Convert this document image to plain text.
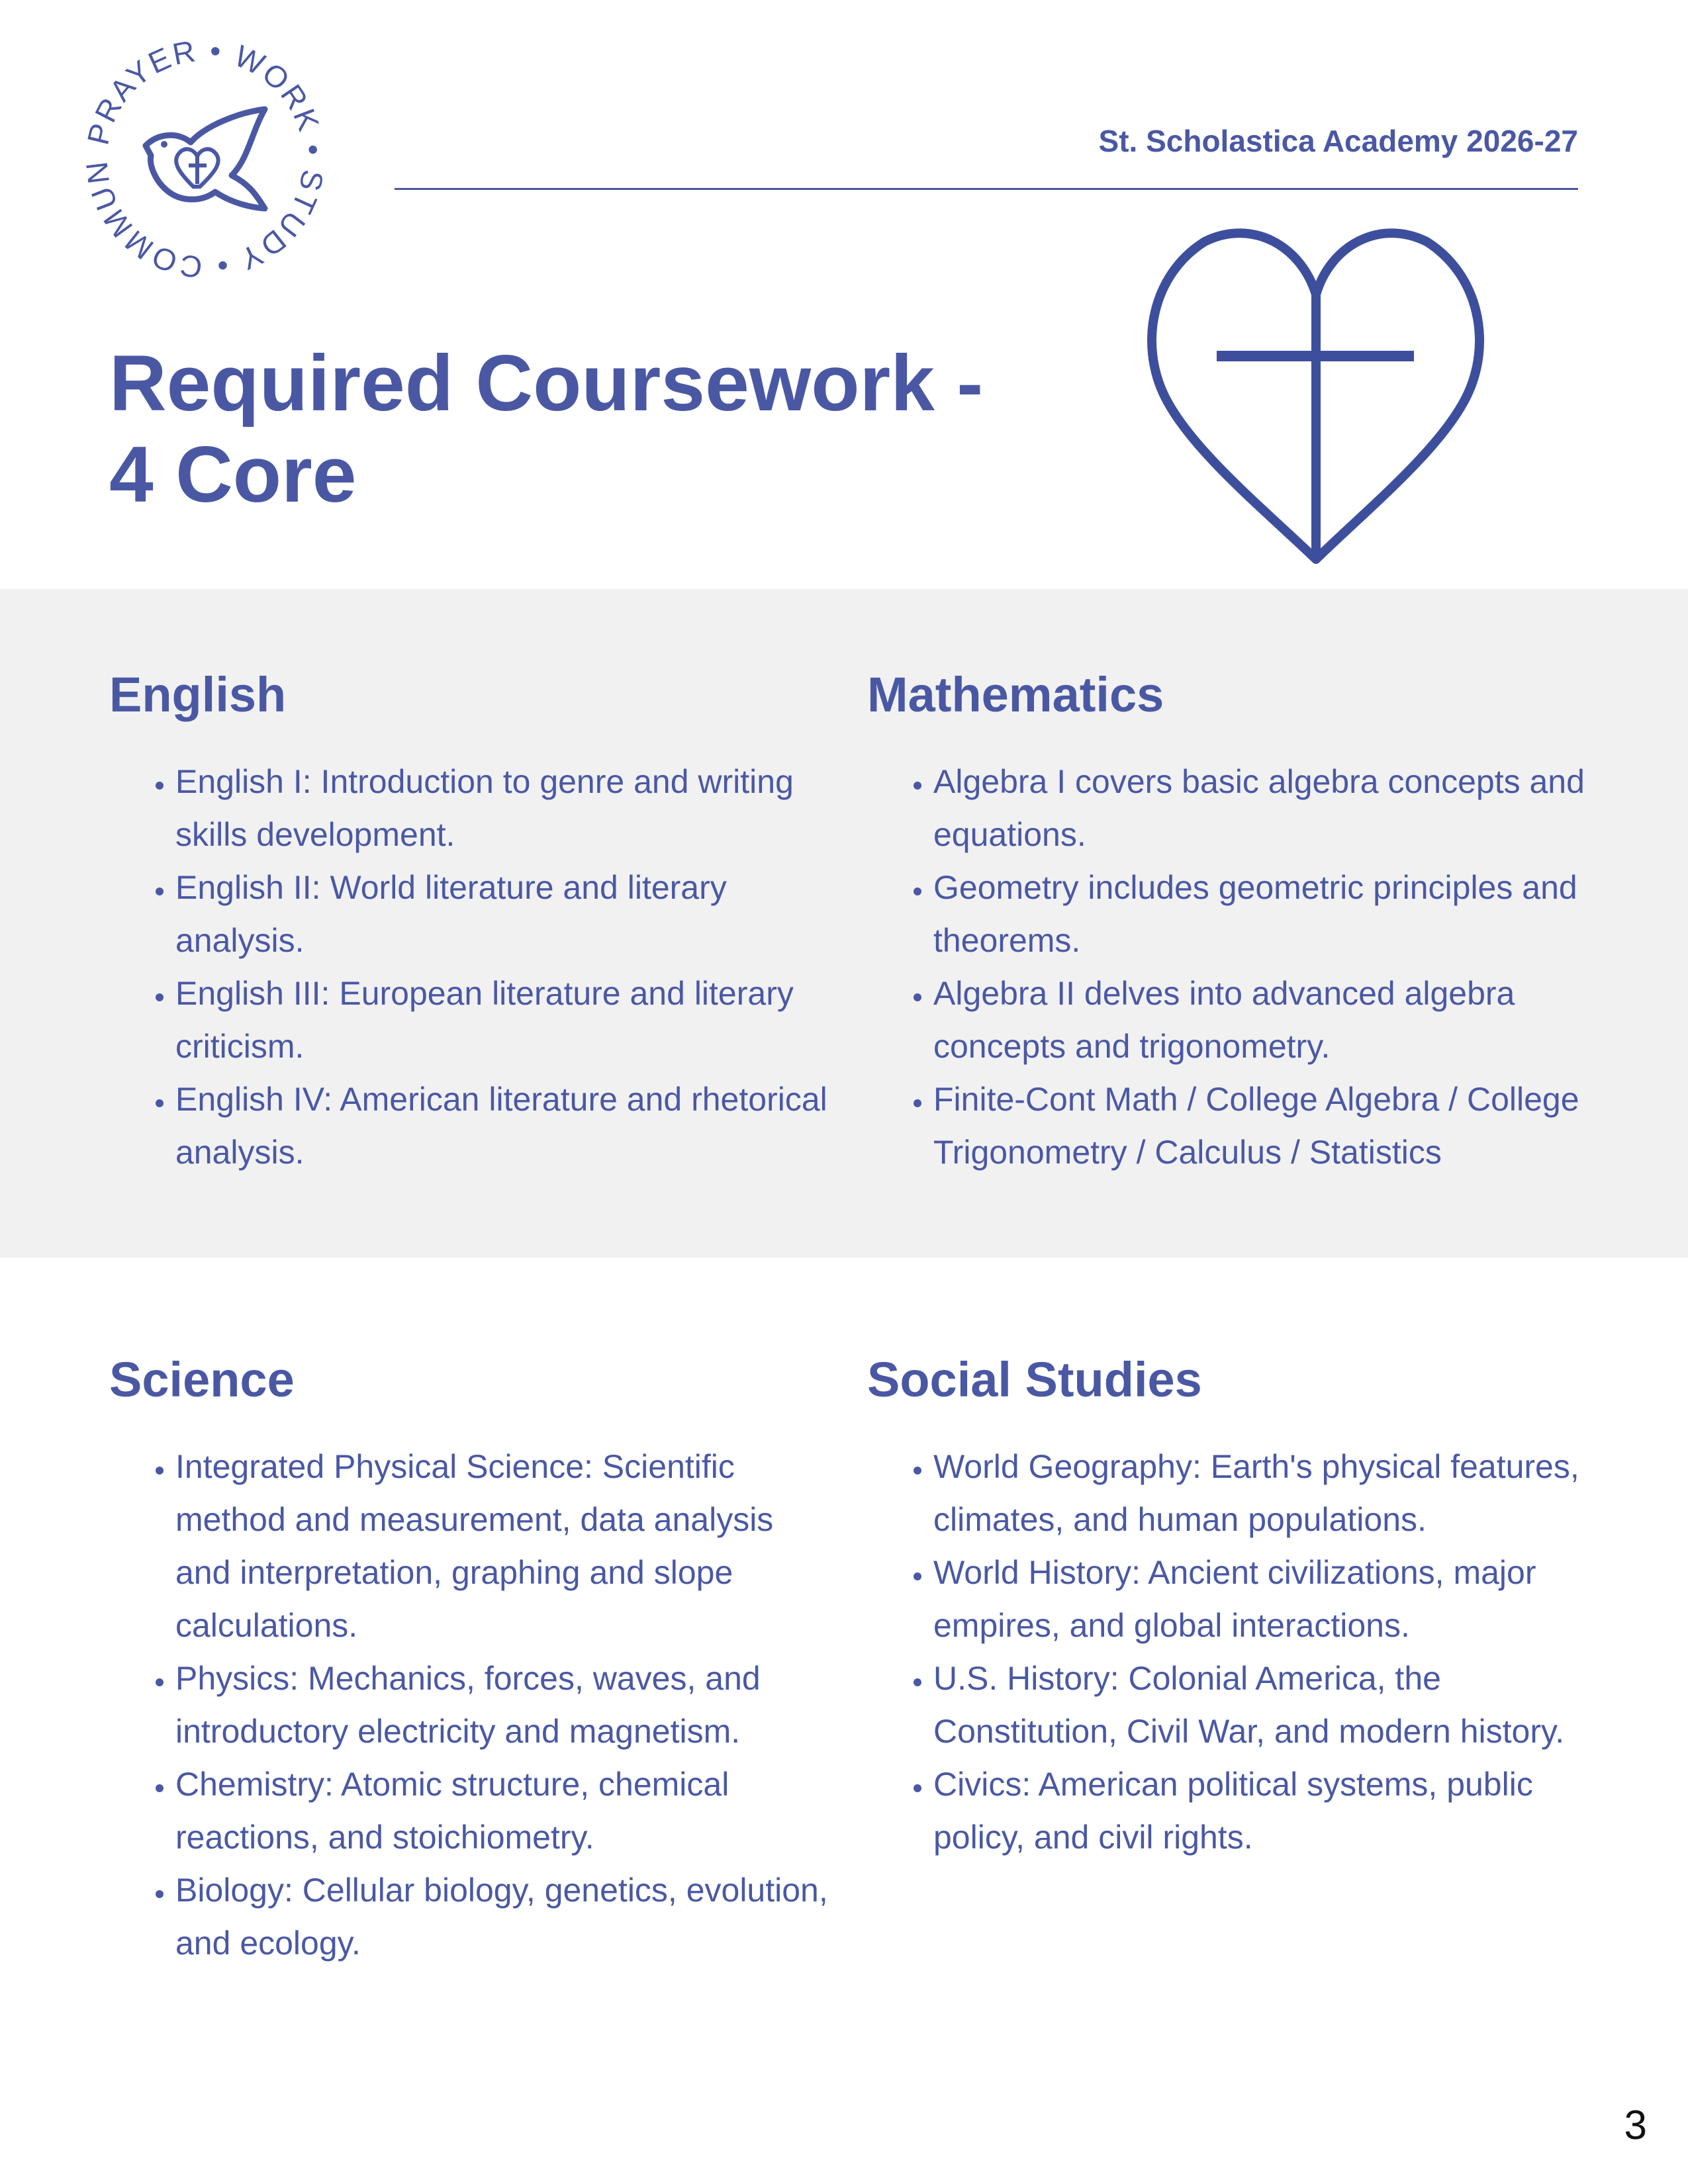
PRAYER • WORK • STUDY • COMMUN
St. Scholastica Academy 2026-27
Required Coursework - 4 Core
English
• English I: Introduction to genre and writing skills development.
• English II: World literature and literary analysis.
• English III: European literature and literary criticism.
• English IV: American literature and rhetorical analysis.
Mathematics
• Algebra I covers basic algebra concepts and equations.
• Geometry includes geometric principles and theorems.
• Algebra II delves into advanced algebra concepts and trigonometry.
• Finite-Cont Math / College Algebra / College Trigonometry / Calculus / Statistics
Science
• Integrated Physical Science: Scientific method and measurement, data analysis and interpretation, graphing and slope calculations.
• Physics: Mechanics, forces, waves, and introductory electricity and magnetism.
• Chemistry: Atomic structure, chemical reactions, and stoichiometry.
• Biology: Cellular biology, genetics, evolution, and ecology.
Social Studies
• World Geography: Earth's physical features, climates, and human populations.
• World History: Ancient civilizations, major empires, and global interactions.
• U.S. History: Colonial America, the Constitution, Civil War, and modern history.
• Civics: American political systems, public policy, and civil rights.
3
